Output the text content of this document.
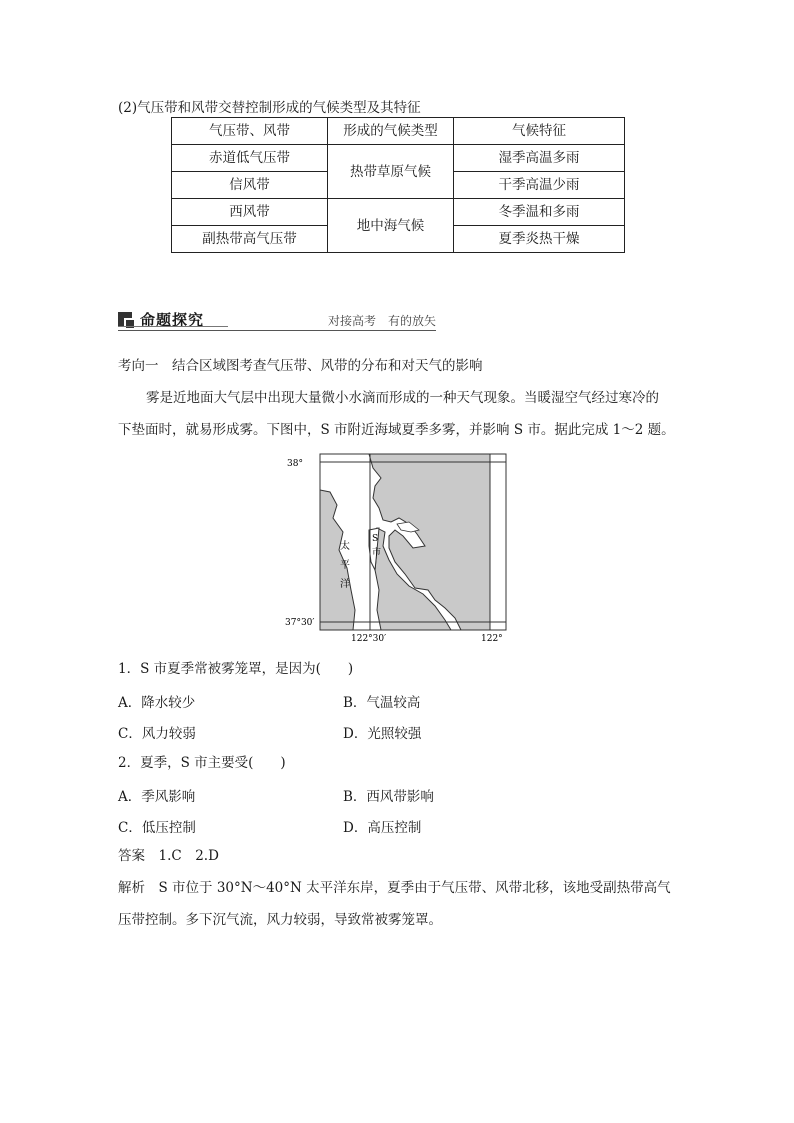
(2)气压带和风带交替控制形成的气候类型及其特征
气压带、风带	形成的气候类型	气候特征
赤道低气压带	热带草原气候	湿季高温多雨
信风带		干季高温少雨
西风带	地中海气候	冬季温和多雨
副热带高气压带		夏季炎热干燥
命题探究	对接高考　有的放矢
考向一　结合区域图考查气压带、风带的分布和对天气的影响
雾是近地面大气层中出现大量微小水滴而形成的一种天气现象。当暖湿空气经过寒冷的
下垫面时，就易形成雾。下图中，S 市附近海域夏季多雾，并影响 S 市。据此完成 1～2 题。
38°
37°30′
122°30′	122°
太
平
洋
S
市
1．S 市夏季常被雾笼罩，是因为(　　)
A．降水较少	B．气温较高
C．风力较弱	D．光照较强
2．夏季，S 市主要受(　　)
A．季风影响	B．西风带影响
C．低压控制	D．高压控制
答案　1.C　2.D
解析　S 市位于 30°N～40°N 太平洋东岸，夏季由于气压带、风带北移，该地受副热带高气
压带控制。多下沉气流，风力较弱，导致常被雾笼罩。
